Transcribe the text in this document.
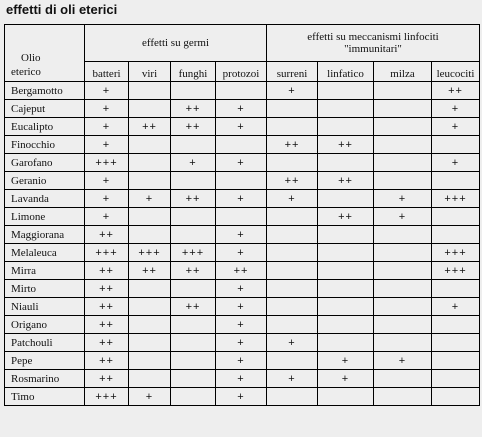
effetti di oli eterici
Olio
eterico	effetti su germi				effetti su meccanismi linfociti
"immunitari"			

	batteri	viri	funghi	protozoi	surreni	linfatico	milza	leucociti
Bergamotto	+				+			++
Cajeput	+		++	+				+
Eucalipto	+	++	++	+				+
Finocchio	+				++	++		
Garofano	+++		+	+				+
Geranio	+				++	++		
Lavanda	+	+	++	+	+		+	+++
Limone	+					++	+	
Maggiorana	++			+				
Melaleuca	+++	+++	+++	+				+++
Mirra	++	++	++	++				+++
Mirto	++			+				
Niauli	++		++	+				+
Origano	++			+				
Patchouli	++			+	+			
Pepe	++			+		+	+	
Rosmarino	++			+	+	+		
Timo	+++	+		+				
